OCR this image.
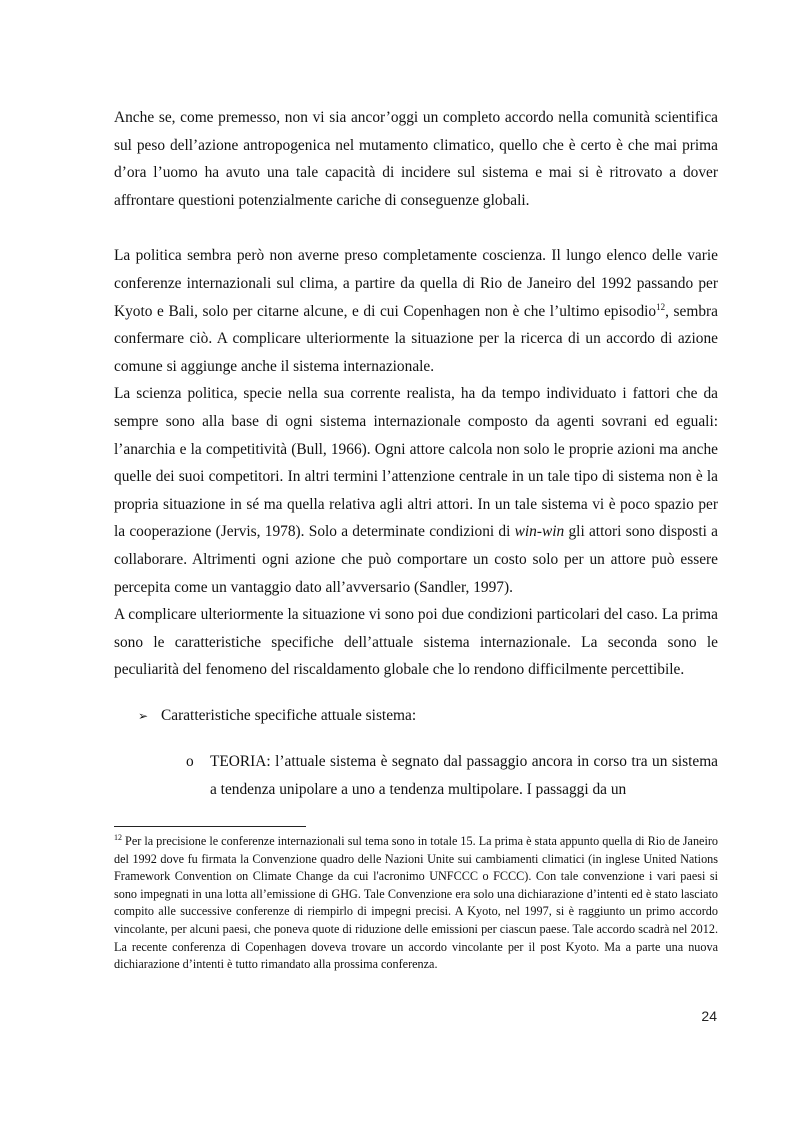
Anche se, come premesso, non vi sia ancor’oggi un completo accordo nella comunità scientifica sul peso dell’azione antropogenica nel mutamento climatico, quello che è certo è che mai prima d’ora l’uomo ha avuto una tale capacità di incidere sul sistema e mai si è ritrovato a dover affrontare questioni potenzialmente cariche di conseguenze globali.

La politica sembra però non averne preso completamente coscienza. Il lungo elenco delle varie conferenze internazionali sul clima, a partire da quella di Rio de Janeiro del 1992 passando per Kyoto e Bali, solo per citarne alcune, e di cui Copenhagen non è che l’ultimo episodio$^{12}$, sembra confermare ciò. A complicare ulteriormente la situazione per la ricerca di un accordo di azione comune si aggiunge anche il sistema internazionale.

La scienza politica, specie nella sua corrente realista, ha da tempo individuato i fattori che da sempre sono alla base di ogni sistema internazionale composto da agenti sovrani ed eguali: l’anarchia e la competitività (Bull, 1966). Ogni attore calcola non solo le proprie azioni ma anche quelle dei suoi competitori. In altri termini l’attenzione centrale in un tale tipo di sistema non è la propria situazione in sé ma quella relativa agli altri attori. In un tale sistema vi è poco spazio per la cooperazione (Jervis, 1978). Solo a determinate condizioni di win-win gli attori sono disposti a collaborare. Altrimenti ogni azione che può comportare un costo solo per un attore può essere percepita come un vantaggio dato all’avversario (Sandler, 1997).

A complicare ulteriormente la situazione vi sono poi due condizioni particolari del caso. La prima sono le caratteristiche specifiche dell’attuale sistema internazionale. La seconda sono le peculiarità del fenomeno del riscaldamento globale che lo rendono difficilmente percettibile.

➢ Caratteristiche specifiche attuale sistema:
o TEORIA: l’attuale sistema è segnato dal passaggio ancora in corso tra un sistema a tendenza unipolare a uno a tendenza multipolare. I passaggi da un

$^{12}$ Per la precisione le conferenze internazionali sul tema sono in totale 15. La prima è stata appunto quella di Rio de Janeiro del 1992 dove fu firmata la Convenzione quadro delle Nazioni Unite sui cambiamenti climatici (in inglese United Nations Framework Convention on Climate Change da cui l'acronimo UNFCCC o FCCC). Con tale convenzione i vari paesi si sono impegnati in una lotta all’emissione di GHG. Tale Convenzione era solo una dichiarazione d’intenti ed è stato lasciato compito alle successive conferenze di riempirlo di impegni precisi. A Kyoto, nel 1997, si è raggiunto un primo accordo vincolante, per alcuni paesi, che poneva quote di riduzione delle emissioni per ciascun paese. Tale accordo scadrà nel 2012. La recente conferenza di Copenhagen doveva trovare un accordo vincolante per il post Kyoto. Ma a parte una nuova dichiarazione d’intenti è tutto rimandato alla prossima conferenza.

24
